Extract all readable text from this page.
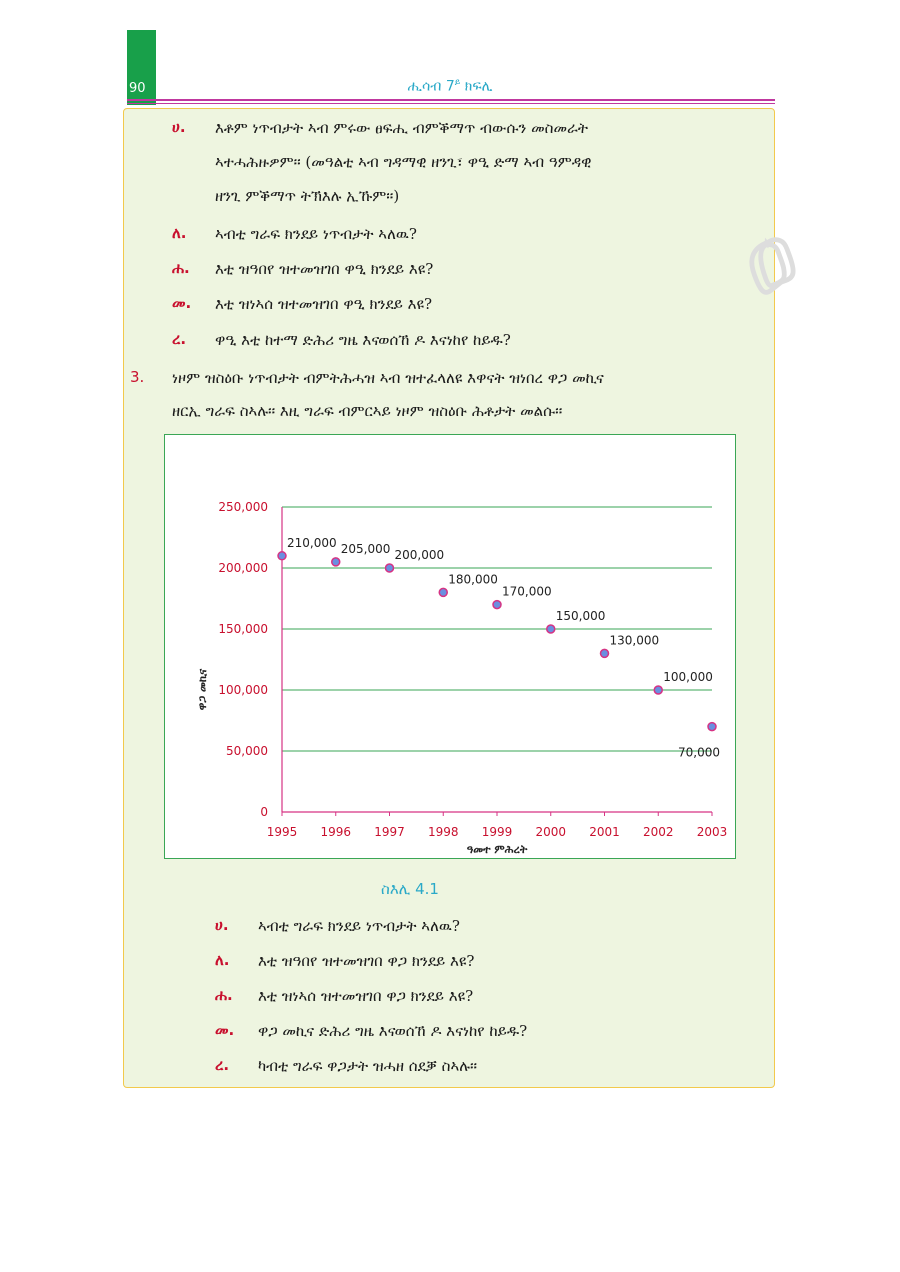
90	ሒሳብ $7^ይ$ ክፍሊ
ዐ
ሀ. እቶም ነጥብታት ኣብ ምሩው ፀፍሒ ብምቕማጥ ብውሱን መስመራት
ኣተሓሕዙዎም፡፡ (መዓልቲ ኣብ ግዳማዊ ዘንጊ፣ ዋዒ ድማ ኣብ ዓምዳዊ
ዘንጊ ምቕማጥ ትኽእሉ ኢኹም፡፡)
ለ. ኣብቲ ግራፍ ክንደይ ነጥብታት ኣለዉ?
ሐ. እቲ ዝዓበየ ዝተመዝገበ ዋዒ ክንደይ እዩ?
መ. እቲ ዝነኣሰ ዝተመዝገበ ዋዒ ክንደይ እዩ?
ረ. ዋዒ እቲ ከተማ ድሕሪ ግዜ እናወሰኸ ዶ እናነከየ ከይዱ?
3. ነዞም ዝስዕቡ ነጥብታት ብምትሕሓዝ ኣብ ዝተፈላለዩ እዋናት ዝነበረ ዋጋ መኪና
ዘርኢ ግራፍ ስኣሉ፡፡ እዚ ግራፍ ብምርኣይ ነዞም ዝስዕቡ ሕቶታት መልሱ፡፡
0
50,000
100,000
150,000
200,000
250,000
1995 1996 1997 1998 1999 2000 2001 2002 2003
ዓመተ ምሕረት
ዋጋ መኪና
210,000 205,000 200,000
180,000
170,000
150,000
130,000
100,000
70,000
ስእሊ 4.1
ሀ. ኣብቲ ግራፍ ክንደይ ነጥብታት ኣለዉ?
ለ. እቲ ዝዓበየ ዝተመዝገበ ዋጋ ክንደይ እዩ?
ሐ. እቲ ዝነኣሰ ዝተመዝገበ ዋጋ ክንደይ እዩ?
መ. ዋጋ መኪና ድሕሪ ግዜ እናወሰኸ ዶ እናነከየ ከይዱ?
ረ. ካብቲ ግራፍ ዋጋታት ዝሓዘ ሰደቓ ስኣሉ፡፡
